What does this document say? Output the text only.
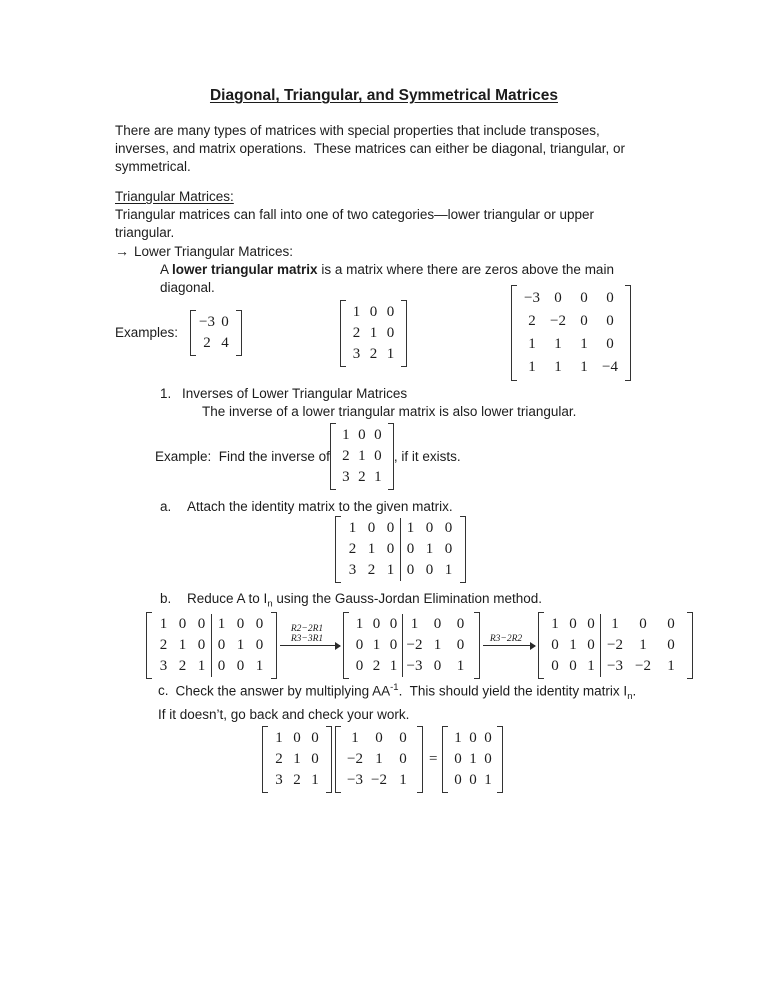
Diagonal, Triangular, and Symmetrical Matrices
There are many types of matrices with special properties that include transposes,
inverses, and matrix operations.  These matrices can either be diagonal, triangular, or
symmetrical.
Triangular Matrices:
Triangular matrices can fall into one of two categories—lower triangular or upper
triangular.
→ Lower Triangular Matrices:
A lower triangular matrix is a matrix where there are zeros above the main
diagonal.
Examples:
−3 0
2 4
1 0 0
2 1 0
3 2 1
−3 0	0	0
2 −2 0	0
1	1	1	0
1	1	1 −4
1. Inverses of Lower Triangular Matrices
The inverse of a lower triangular matrix is also lower triangular.
Example:  Find the inverse of
1 0 0
2 1 0
3 2 1
, if it exists.
a. Attach the identity matrix to the given matrix.
1 0 0 1 0 0
2 1 0 0 1 0
3 2 1 0 0 1
b. Reduce A to $I_n$ using the Gauss-Jordan Elimination method.
1 0 0 1 0 0
2 1 0 0 1 0
3 2 1 0 0 1
R2−2R1
R3−3R1
1 0 0 1	0	0
0 1 0 −2 1	0
0 2 1 −3 0	1
R3−2R2
1 0 0	1	0	0
0 1 0 −2	1	0
0 0 1 −3 −2	1
c. Check the answer by multiplying $AA^{-1}$.  This should yield the identity matrix $I_n$.
If it doesn’t, go back and check your work.
1 0 0
2 1 0
3 2 1
1	0	0
−2 1	0
−3 −2 1
=
1 0 0
0 1 0
0 0 1
